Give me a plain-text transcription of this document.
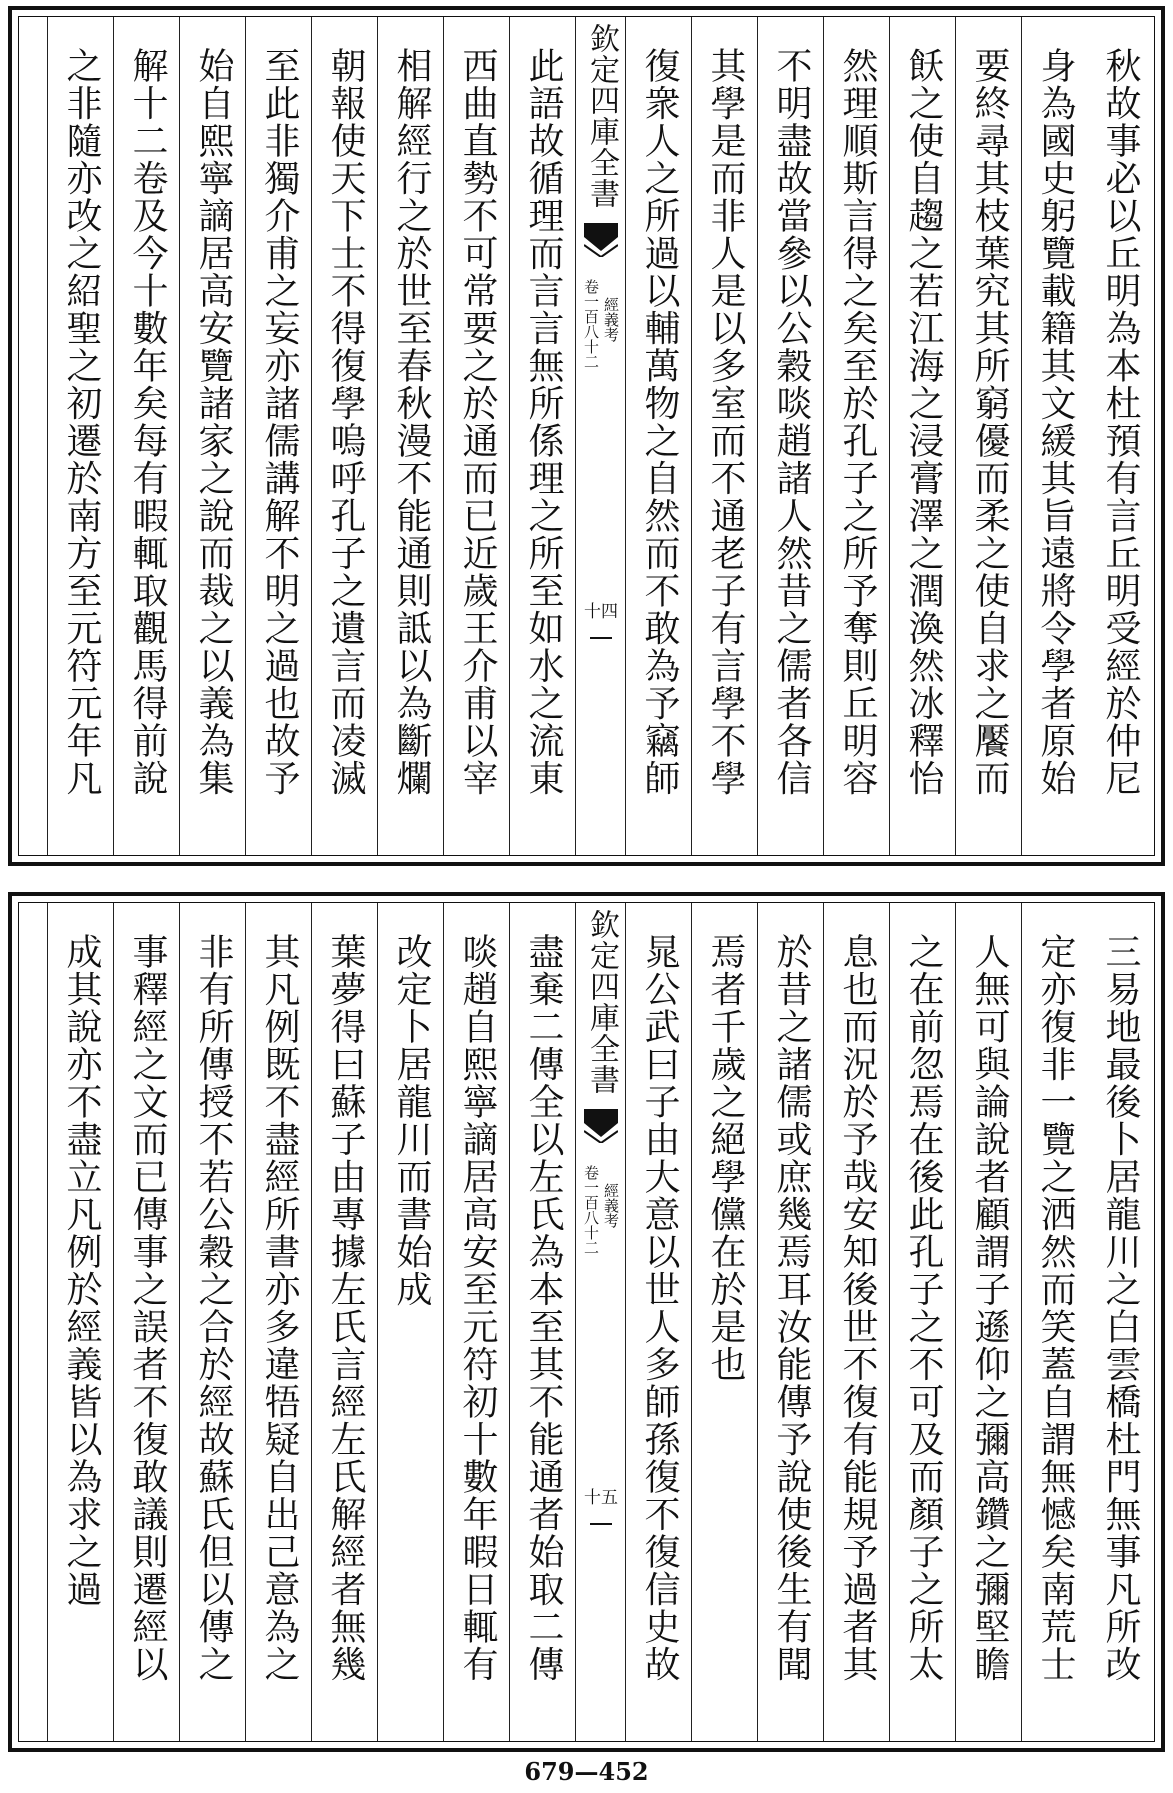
秋故事必以丘明為本杜預有言丘明受經於仲尼
身為國史躬覽載籍其文緩其旨遠將令學者原始
要終尋其枝葉究其所窮優而柔之使自求之饜而
飫之使自趨之若江海之浸膏澤之潤渙然冰釋怡
然理順斯言得之矣至於孔子之所予奪則丘明容
不明盡故當參以公穀啖趙諸人然昔之儒者各信
其學是而非人是以多室而不通老子有言學不學
復衆人之所過以輔萬物之自然而不敢為予竊師
欽定四庫全書
經義考
卷一百八十二
十四
此語故循理而言言無所係理之所至如水之流東
西曲直勢不可常要之於通而已近歲王介甫以宰
相解經行之於世至春秋漫不能通則詆以為斷爛
朝報使天下士不得復學嗚呼孔子之遺言而凌滅
至此非獨介甫之妄亦諸儒講解不明之過也故予
始自熙寧謫居高安覽諸家之說而裁之以義為集
解十二卷及今十數年矣每有暇輒取觀馬得前說
之非隨亦改之紹聖之初遷於南方至元符元年凡
三易地最後卜居龍川之白雲橋杜門無事凡所改
定亦復非一覽之洒然而笑蓋自謂無憾矣南荒士
人無可與論說者顧謂子遜仰之彌高鑽之彌堅瞻
之在前忽焉在後此孔子之不可及而顏子之所太
息也而況於予哉安知後世不復有能規予過者其
於昔之諸儒或庶幾焉耳汝能傳予說使後生有聞
焉者千歲之絕學儻在於是也
晁公武曰子由大意以世人多師孫復不復信史故
欽定四庫全書
經義考
卷一百八十二
十五
盡棄二傳全以左氏為本至其不能通者始取二傳
啖趙自熙寧謫居高安至元符初十數年暇日輒有
改定卜居龍川而書始成
葉夢得曰蘇子由專據左氏言經左氏解經者無幾
其凡例既不盡經所書亦多違牾疑自出己意為之
非有所傳授不若公穀之合於經故蘇氏但以傳之
事釋經之文而已傳事之誤者不復敢議則遷經以
成其說亦不盡立凡例於經義皆以為求之過
679—452
